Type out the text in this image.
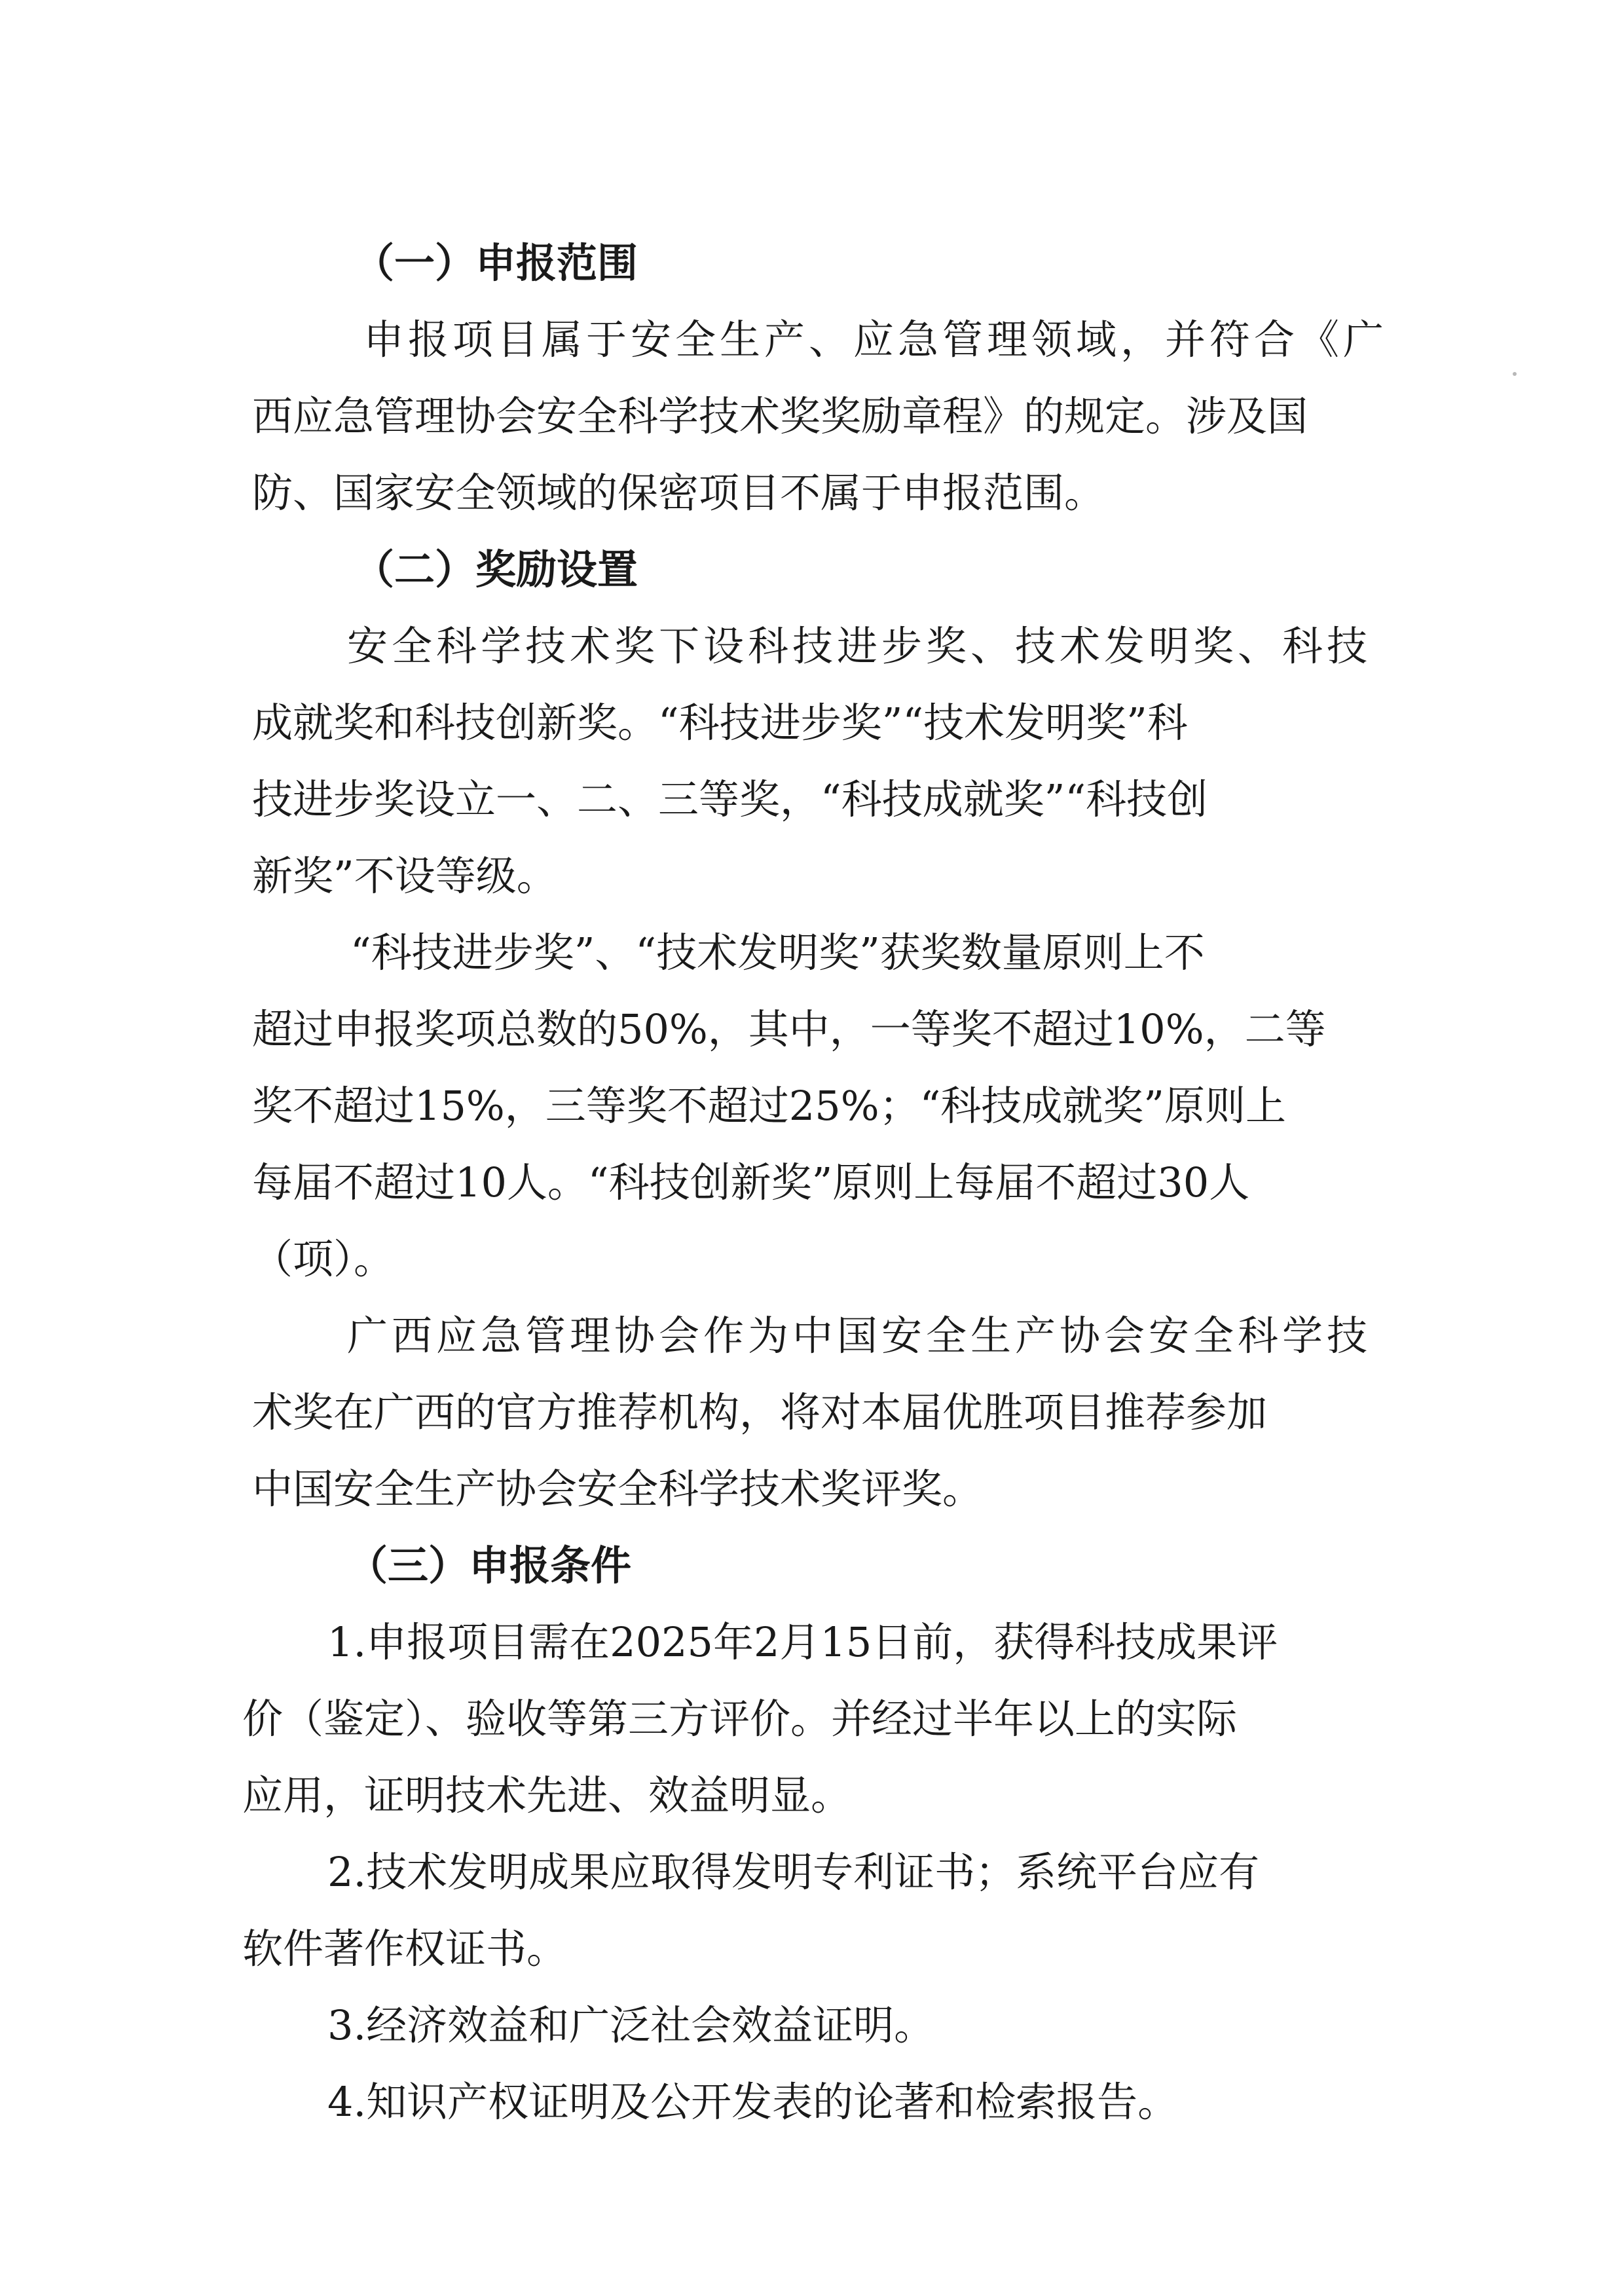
（一）申报范围

申报项目属于安全生产、应急管理领域，并符合《广

西应急管理协会安全科学技术奖奖励章程》的规定。涉及国

防、国家安全领域的保密项目不属于申报范围。

（二）奖励设置

安全科学技术奖下设科技进步奖、技术发明奖、科技

成就奖和科技创新奖。“科技进步奖”“技术发明奖”科

技进步奖设立一、二、三等奖，“科技成就奖”“科技创

新奖”不设等级。

“科技进步奖”、“技术发明奖”获奖数量原则上不

超过申报奖项总数的50%，其中，一等奖不超过10%，二等

奖不超过15%，三等奖不超过25%；“科技成就奖”原则上

每届不超过10人。“科技创新奖”原则上每届不超过30人

（项）。

广西应急管理协会作为中国安全生产协会安全科学技

术奖在广西的官方推荐机构，将对本届优胜项目推荐参加

中国安全生产协会安全科学技术奖评奖。

（三）申报条件

1.申报项目需在2025年2月15日前，获得科技成果评

价（鉴定）、验收等第三方评价。并经过半年以上的实际

应用，证明技术先进、效益明显。

2.技术发明成果应取得发明专利证书；系统平台应有

软件著作权证书。

3.经济效益和广泛社会效益证明。

4.知识产权证明及公开发表的论著和检索报告。
